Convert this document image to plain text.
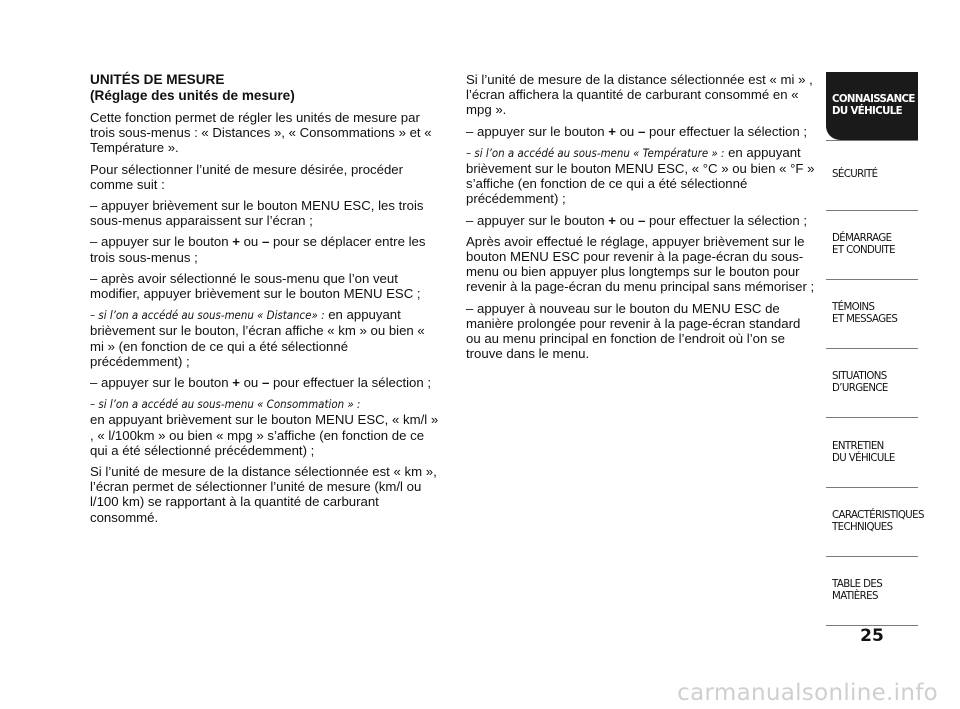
UNITÉS DE MESURE
(Réglage des unités de mesure)

Cette fonction permet de régler les unités de mesure par trois sous-menus : « Distances », « Consommations » et « Température ».

Pour sélectionner l’unité de mesure désirée, procéder comme suit :

– appuyer brièvement sur le bouton MENU ESC, les trois sous-menus apparaissent sur l’écran ;

– appuyer sur le bouton + ou – pour se déplacer entre les trois sous-menus ;

– après avoir sélectionné le sous-menu que l’on veut modifier, appuyer brièvement sur le bouton MENU ESC ;

– si l’on a accédé au sous-menu « Distance» : en appuyant brièvement sur le bouton, l’écran affiche « km » ou bien « mi » (en fonction de ce qui a été sélectionné précédemment) ;

– appuyer sur le bouton + ou – pour effectuer la sélection ;

– si l’on a accédé au sous-menu « Consommation » :
en appuyant brièvement sur le bouton MENU ESC, « km/l » , « l/100km » ou bien « mpg » s’affiche (en fonction de ce qui a été sélectionné précédemment) ;

Si l’unité de mesure de la distance sélectionnée est « km », l’écran permet de sélectionner l’unité de mesure (km/l ou l/100 km) se rapportant à la quantité de carburant consommé.

Si l’unité de mesure de la distance sélectionnée est « mi » , l’écran affichera la quantité de carburant consommé en « mpg ».

– appuyer sur le bouton + ou – pour effectuer la sélection ;

– si l’on a accédé au sous-menu « Température » : en appuyant brièvement sur le bouton MENU ESC, « °C » ou bien « °F » s’affiche (en fonction de ce qui a été sélectionné précédemment) ;

– appuyer sur le bouton + ou – pour effectuer la sélection ;

Après avoir effectué le réglage, appuyer brièvement sur le bouton MENU ESC pour revenir à la page-écran du sous-menu ou bien appuyer plus longtemps sur le bouton pour revenir à la page-écran du menu principal sans mémoriser ;

– appuyer à nouveau sur le bouton du MENU ESC de manière prolongée pour revenir à la page-écran standard ou au menu principal en fonction de l’endroit où l’on se trouve dans le menu.

CONNAISSANCE
DU VÉHICULE
SÉCURITÉ
DÉMARRAGE
ET CONDUITE
TÉMOINS
ET MESSAGES
SITUATIONS
D’URGENCE
ENTRETIEN
DU VÉHICULE
CARACTÉRISTIQUES
TECHNIQUES
TABLE DES
MATIÈRES
25
carmanualsonline.info
